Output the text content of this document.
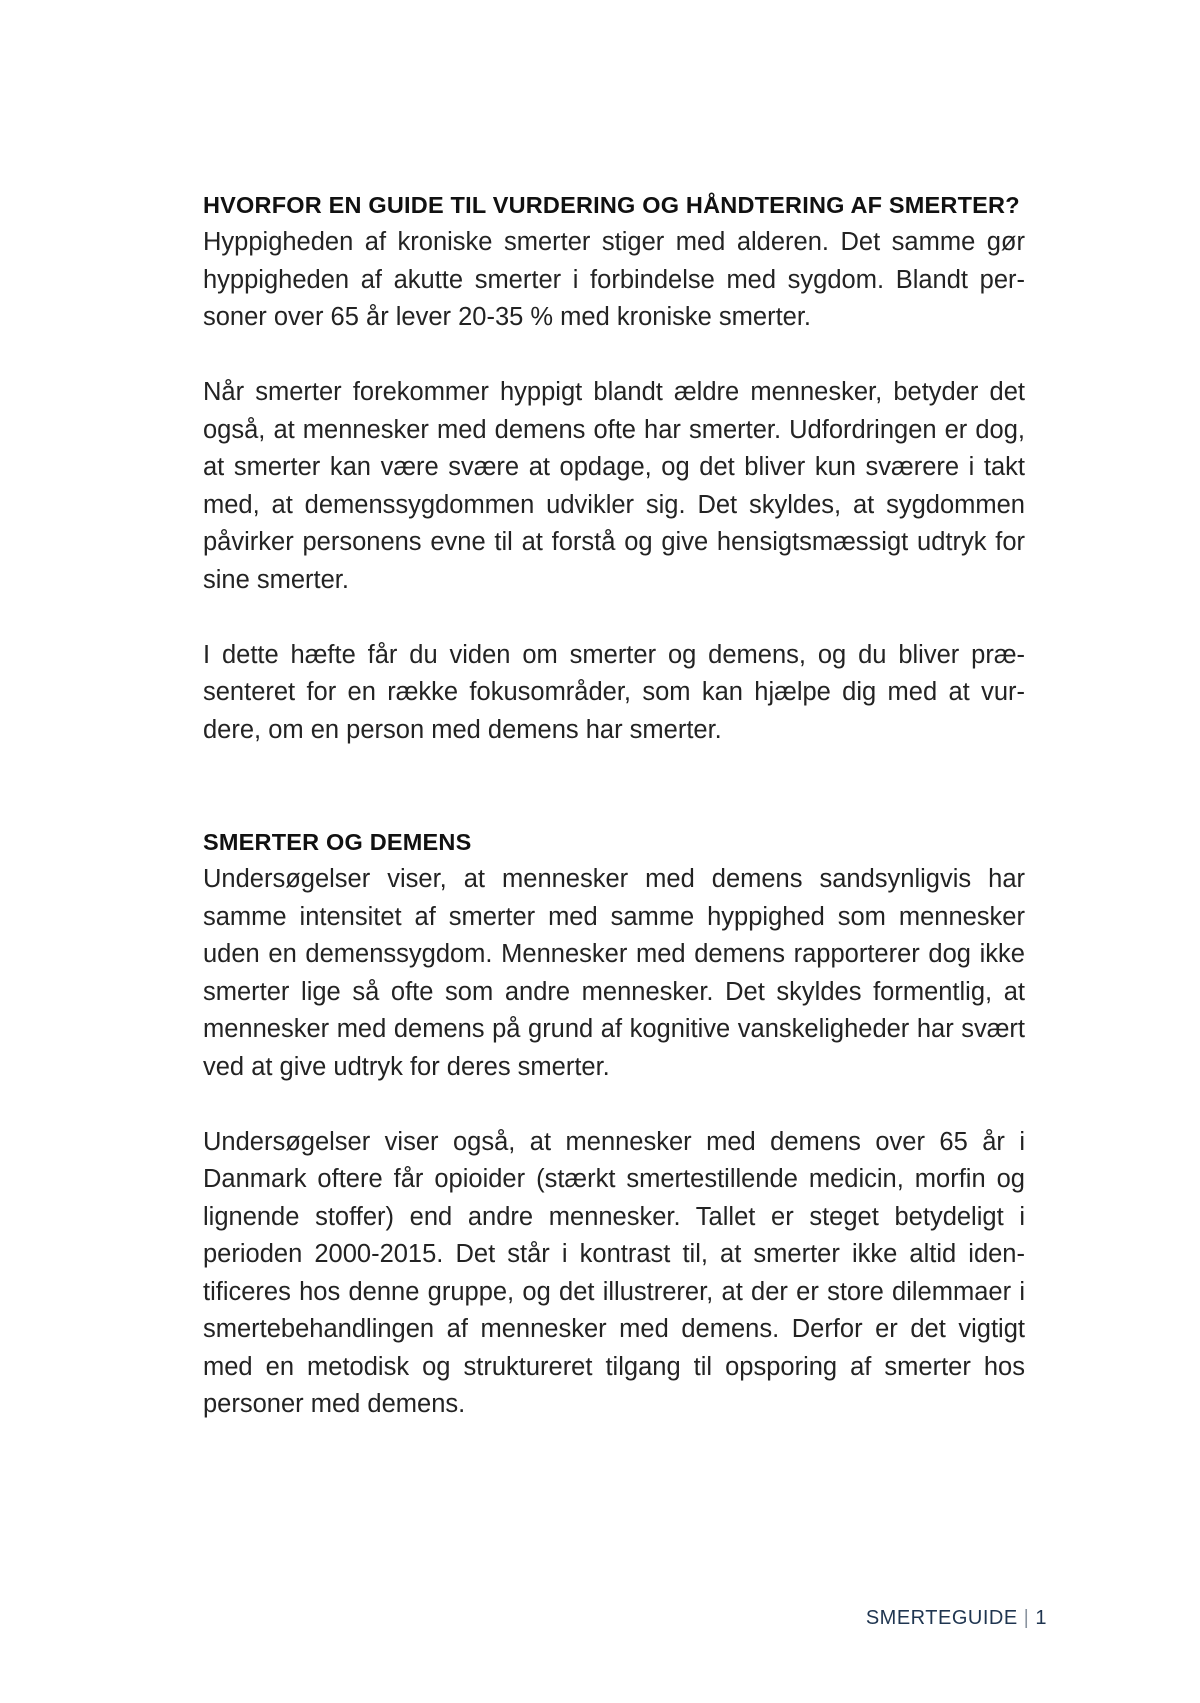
HVORFOR EN GUIDE TIL VURDERING OG HÅNDTERING AF SMERTER?

Hyppigheden af kroniske smerter stiger med alderen. Det samme gør hyppigheden af akutte smerter i forbindelse med sygdom. Blandt personer over 65 år lever 20-35 % med kroniske smerter.

Når smerter forekommer hyppigt blandt ældre mennesker, betyder det også, at mennesker med demens ofte har smerter. Udfordringen er dog, at smerter kan være svære at opdage, og det bliver kun sværere i takt med, at demenssygdommen udvikler sig. Det skyldes, at sygdommen påvirker personens evne til at forstå og give hensigtsmæssigt udtryk for sine smerter.

I dette hæfte får du viden om smerter og demens, og du bliver præsenteret for en række fokusområder, som kan hjælpe dig med at vurdere, om en person med demens har smerter.

SMERTER OG DEMENS

Undersøgelser viser, at mennesker med demens sandsynligvis har samme intensitet af smerter med samme hyppighed som mennesker uden en demenssygdom. Mennesker med demens rapporterer dog ikke smerter lige så ofte som andre mennesker. Det skyldes formentlig, at mennesker med demens på grund af kognitive vanskeligheder har svært ved at give udtryk for deres smerter.

Undersøgelser viser også, at mennesker med demens over 65 år i Danmark oftere får opioider (stærkt smertestillende medicin, morfin og lignende stoffer) end andre mennesker. Tallet er steget betydeligt i perioden 2000-2015. Det står i kontrast til, at smerter ikke altid identificeres hos denne gruppe, og det illustrerer, at der er store dilemmaer i smertebehandlingen af mennesker med demens. Derfor er det vigtigt med en metodisk og struktureret tilgang til opsporing af smerter hos personer med demens.

SMERTEGUIDE | 1
